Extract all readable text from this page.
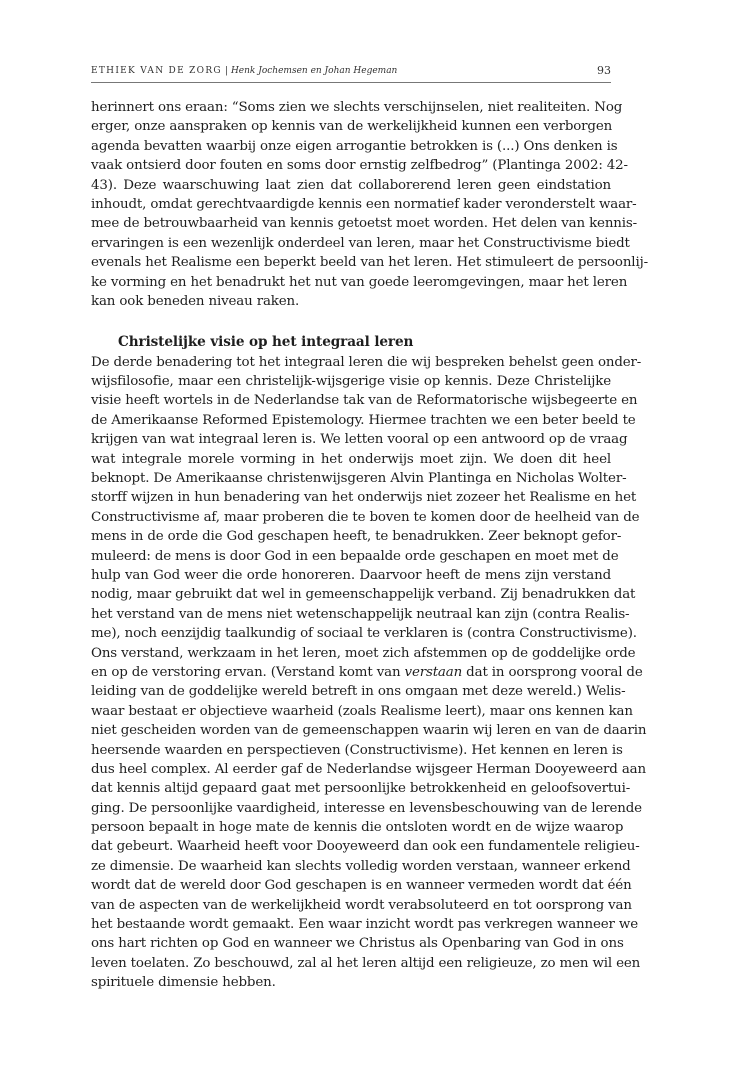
ETHIEK VAN DE ZORG | Henk Jochemsen en Johan Hegeman	93
herinnert ons eraan: “Soms zien we slechts verschijnselen, niet realiteiten. Nog
erger, onze aanspraken op kennis van de werkelijkheid kunnen een verborgen
agenda bevatten waarbij onze eigen arrogantie betrokken is (...) Ons denken is
vaak ontsierd door fouten en soms door ernstig zelfbedrog” (Plantinga 2002: 42-
43). Deze waarschuwing laat zien dat collaborerend leren geen eindstation
inhoudt, omdat gerechtvaardigde kennis een normatief kader veronderstelt waar-
mee de betrouwbaarheid van kennis getoetst moet worden. Het delen van kennis-
ervaringen is een wezenlijk onderdeel van leren, maar het Constructivisme biedt
evenals het Realisme een beperkt beeld van het leren. Het stimuleert de persoonlij-
ke vorming en het benadrukt het nut van goede leeromgevingen, maar het leren
kan ook beneden niveau raken.
Christelijke visie op het integraal leren
De derde benadering tot het integraal leren die wij bespreken behelst geen onder-
wijsfilosofie, maar een christelijk-wijsgerige visie op kennis. Deze Christelijke
visie heeft wortels in de Nederlandse tak van de Reformatorische wijsbegeerte en
de Amerikaanse Reformed Epistemology. Hiermee trachten we een beter beeld te
krijgen van wat integraal leren is. We letten vooral op een antwoord op de vraag
wat integrale morele vorming in het onderwijs moet zijn. We doen dit heel
beknopt. De Amerikaanse christenwijsgeren Alvin Plantinga en Nicholas Wolter-
storff wijzen in hun benadering van het onderwijs niet zozeer het Realisme en het
Constructivisme af, maar proberen die te boven te komen door de heelheid van de
mens in de orde die God geschapen heeft, te benadrukken. Zeer beknopt gefor-
muleerd: de mens is door God in een bepaalde orde geschapen en moet met de
hulp van God weer die orde honoreren. Daarvoor heeft de mens zijn verstand
nodig, maar gebruikt dat wel in gemeenschappelijk verband. Zij benadrukken dat
het verstand van de mens niet wetenschappelijk neutraal kan zijn (contra Realis-
me), noch eenzijdig taalkundig of sociaal te verklaren is (contra Constructivisme).
Ons verstand, werkzaam in het leren, moet zich afstemmen op de goddelijke orde
en op de verstoring ervan. (Verstand komt van verstaan dat in oorsprong vooral de
leiding van de goddelijke wereld betreft in ons omgaan met deze wereld.) Welis-
waar bestaat er objectieve waarheid (zoals Realisme leert), maar ons kennen kan
niet gescheiden worden van de gemeenschappen waarin wij leren en van de daarin
heersende waarden en perspectieven (Constructivisme). Het kennen en leren is
dus heel complex. Al eerder gaf de Nederlandse wijsgeer Herman Dooyeweerd aan
dat kennis altijd gepaard gaat met persoonlijke betrokkenheid en geloofsovertui-
ging. De persoonlijke vaardigheid, interesse en levensbeschouwing van de lerende
persoon bepaalt in hoge mate de kennis die ontsloten wordt en de wijze waarop
dat gebeurt. Waarheid heeft voor Dooyeweerd dan ook een fundamentele religieu-
ze dimensie. De waarheid kan slechts volledig worden verstaan, wanneer erkend
wordt dat de wereld door God geschapen is en wanneer vermeden wordt dat één
van de aspecten van de werkelijkheid wordt verabsoluteerd en tot oorsprong van
het bestaande wordt gemaakt. Een waar inzicht wordt pas verkregen wanneer we
ons hart richten op God en wanneer we Christus als Openbaring van God in ons
leven toelaten. Zo beschouwd, zal al het leren altijd een religieuze, zo men wil een
spirituele dimensie hebben.
